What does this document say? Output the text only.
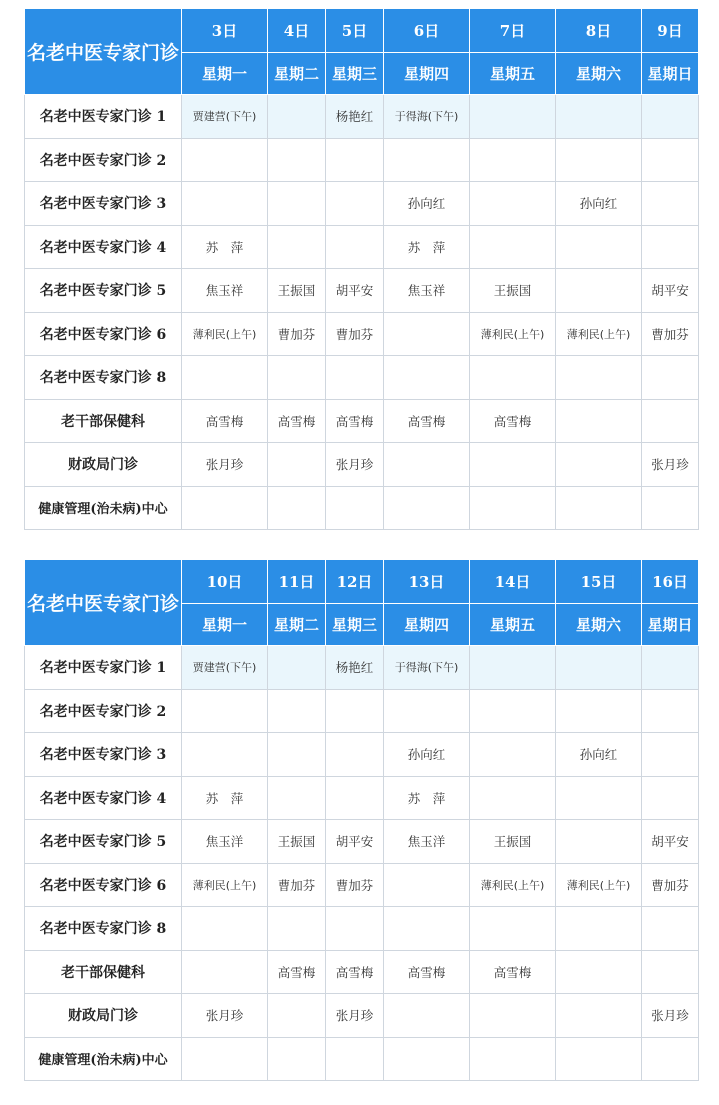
名老中医专家门诊	3日	4日	5日	6日	7日	8日	9日
	星期一	星期二	星期三	星期四	星期五	星期六	星期日
名老中医专家门诊 1	贾建营(下午)		杨艳红	于得海(下午)			
名老中医专家门诊 2							
名老中医专家门诊 3				孙向红		孙向红	
名老中医专家门诊 4	苏　萍			苏　萍			
名老中医专家门诊 5	焦玉祥	王振国	胡平安	焦玉祥	王振国		胡平安
名老中医专家门诊 6	薄利民(上午)	曹加芬	曹加芬		薄利民(上午)	薄利民(上午)	曹加芬
名老中医专家门诊 8							
老干部保健科	高雪梅	高雪梅	高雪梅	高雪梅	高雪梅		
财政局门诊	张月珍		张月珍				张月珍
健康管理(治未病)中心							
名老中医专家门诊	10日	11日	12日	13日	14日	15日	16日
	星期一	星期二	星期三	星期四	星期五	星期六	星期日
名老中医专家门诊 1	贾建营(下午)		杨艳红	于得海(下午)			
名老中医专家门诊 2							
名老中医专家门诊 3				孙向红		孙向红	
名老中医专家门诊 4	苏　萍			苏　萍			
名老中医专家门诊 5	焦玉洋	王振国	胡平安	焦玉洋	王振国		胡平安
名老中医专家门诊 6	薄利民(上午)	曹加芬	曹加芬		薄利民(上午)	薄利民(上午)	曹加芬
名老中医专家门诊 8							
老干部保健科		高雪梅	高雪梅	高雪梅	高雪梅		
财政局门诊	张月珍		张月珍				张月珍
健康管理(治未病)中心							
